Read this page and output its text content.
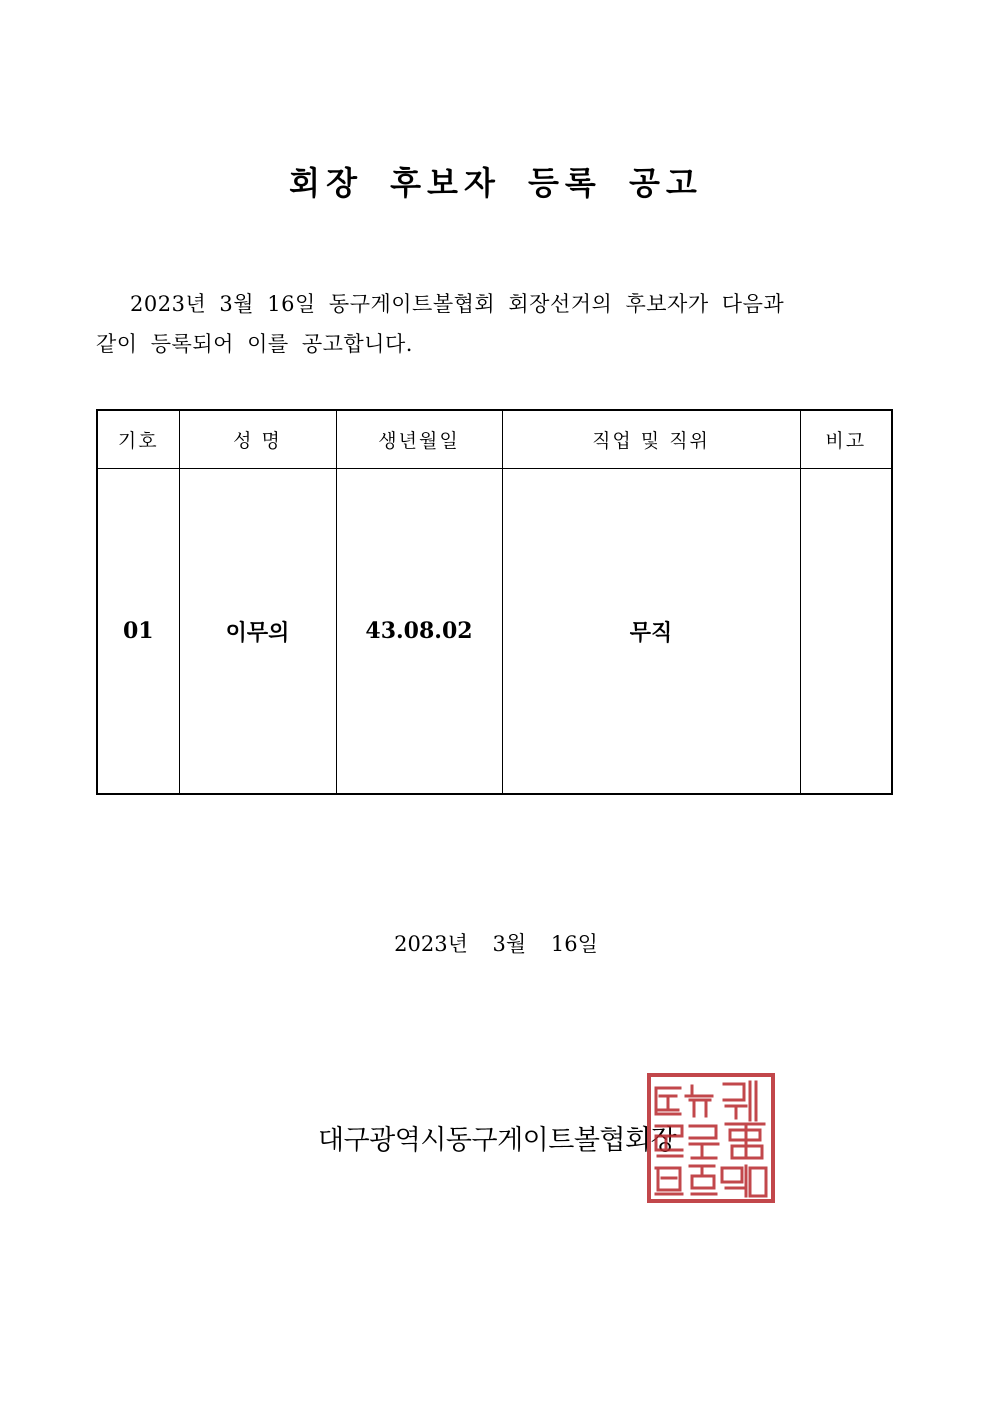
회장 후보자 등록 공고
2023년 3월 16일 동구게이트볼협회 회장선거의 후보자가 다음과
같이 등록되어 이를 공고합니다.
기호	성 명	생년월일	직업 및 직위	비고
01	이무의	43.08.02	무직	
2023년 3월 16일
대구광역시동구게이트볼협회장
